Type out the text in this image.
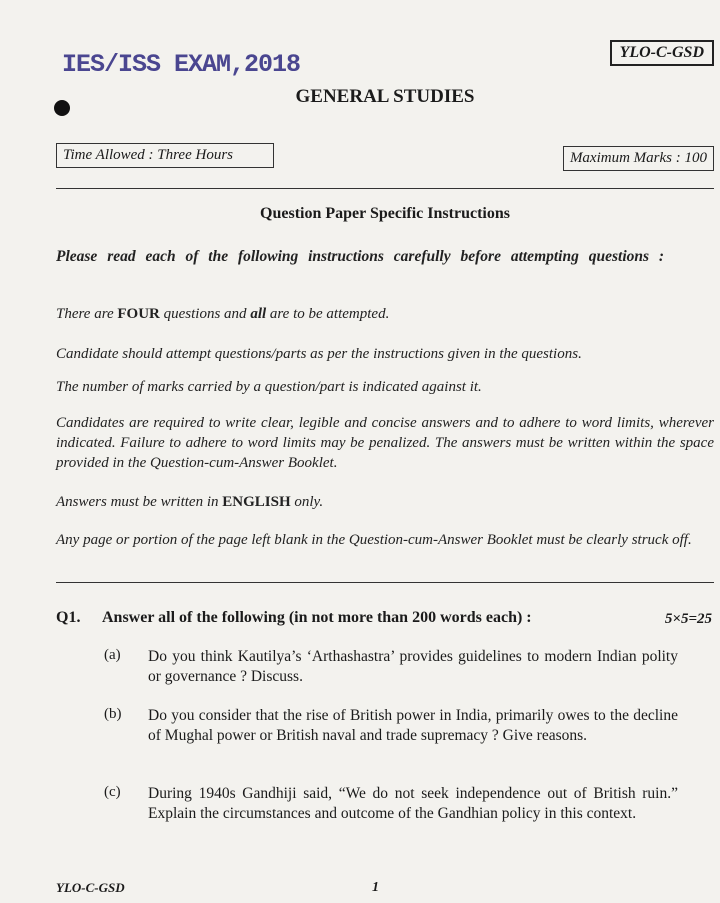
IES/ISS EXAM,2018	YLO-C-GSD
GENERAL STUDIES
Time Allowed : Three Hours	Maximum Marks : 100
Question Paper Specific Instructions
Please read each of the following instructions carefully before attempting questions :
There are FOUR questions and all are to be attempted.
Candidate should attempt questions/parts as per the instructions given in the questions.
The number of marks carried by a question/part is indicated against it.
Candidates are required to write clear, legible and concise answers and to adhere to word limits, wherever indicated. Failure to adhere to word limits may be penalized. The answers must be written within the space provided in the Question-cum-Answer Booklet.
Answers must be written in ENGLISH only.
Any page or portion of the page left blank in the Question-cum-Answer Booklet must be clearly struck off.
Q1. Answer all of the following (in not more than 200 words each) :	5×5=25
(a) Do you think Kautilya’s ‘Arthashastra’ provides guidelines to modern Indian polity or governance ? Discuss.
(b) Do you consider that the rise of British power in India, primarily owes to the decline of Mughal power or British naval and trade supremacy ? Give reasons.
(c) During 1940s Gandhiji said, “We do not seek independence out of British ruin.” Explain the circumstances and outcome of the Gandhian policy in this context.
YLO-C-GSD	1
